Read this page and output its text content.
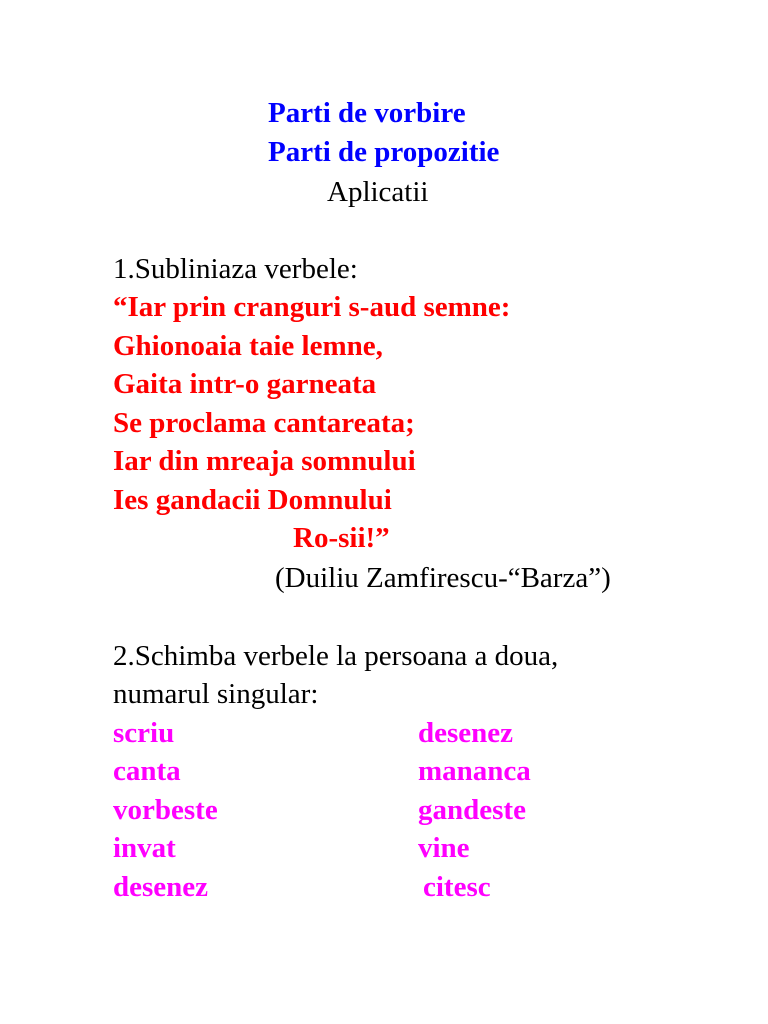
Parti de vorbire
Parti de propozitie
Aplicatii
1.Subliniaza verbele:
“Iar prin cranguri s-aud semne:
Ghionoaia taie lemne,
Gaita intr-o garneata
Se proclama cantareata;
Iar din mreaja somnului
Ies gandacii Domnului
Ro-sii!”
(Duiliu Zamfirescu-“Barza”)
2.Schimba verbele la persoana a doua,
numarul singular:
scriu
canta
vorbeste
invat
desenez
desenez
mananca
gandeste
vine
citesc
